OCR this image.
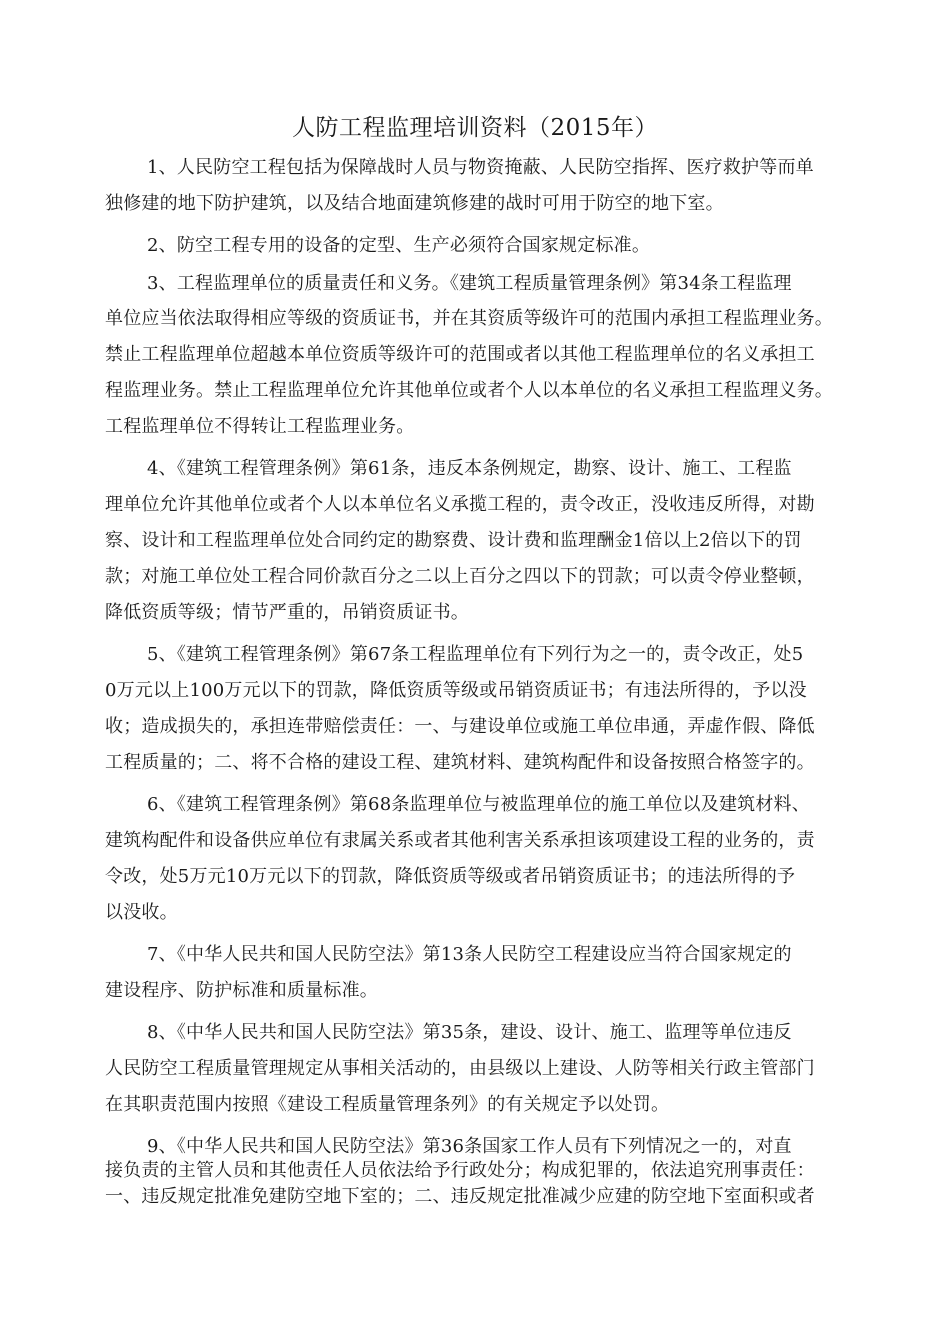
人防工程监理培训资料（2015年）
1、人民防空工程包括为保障战时人员与物资掩蔽、人民防空指挥、医疗救护等而单
独修建的地下防护建筑，以及结合地面建筑修建的战时可用于防空的地下室。
2、防空工程专用的设备的定型、生产必须符合国家规定标准。
3、工程监理单位的质量责任和义务。《建筑工程质量管理条例》第34条工程监理
单位应当依法取得相应等级的资质证书，并在其资质等级许可的范围内承担工程监理业务。
禁止工程监理单位超越本单位资质等级许可的范围或者以其他工程监理单位的名义承担工
程监理业务。禁止工程监理单位允许其他单位或者个人以本单位的名义承担工程监理义务。
工程监理单位不得转让工程监理业务。
4、《建筑工程管理条例》第61条，违反本条例规定，勘察、设计、施工、工程监
理单位允许其他单位或者个人以本单位名义承揽工程的，责令改正，没收违反所得，对勘
察、设计和工程监理单位处合同约定的勘察费、设计费和监理酬金1倍以上2倍以下的罚
款；对施工单位处工程合同价款百分之二以上百分之四以下的罚款；可以责令停业整顿，
降低资质等级；情节严重的，吊销资质证书。
5、《建筑工程管理条例》第67条工程监理单位有下列行为之一的，责令改正，处5
0万元以上100万元以下的罚款，降低资质等级或吊销资质证书；有违法所得的，予以没
收；造成损失的，承担连带赔偿责任：一、与建设单位或施工单位串通，弄虚作假、降低
工程质量的；二、将不合格的建设工程、建筑材料、建筑构配件和设备按照合格签字的。
6、《建筑工程管理条例》第68条监理单位与被监理单位的施工单位以及建筑材料、
建筑构配件和设备供应单位有隶属关系或者其他利害关系承担该项建设工程的业务的，责
令改，处5万元10万元以下的罚款，降低资质等级或者吊销资质证书；的违法所得的予
以没收。
7、《中华人民共和国人民防空法》第13条人民防空工程建设应当符合国家规定的
建设程序、防护标准和质量标准。
8、《中华人民共和国人民防空法》第35条，建设、设计、施工、监理等单位违反
人民防空工程质量管理规定从事相关活动的，由县级以上建设、人防等相关行政主管部门
在其职责范围内按照《建设工程质量管理条列》的有关规定予以处罚。
9、《中华人民共和国人民防空法》第36条国家工作人员有下列情况之一的，对直
接负责的主管人员和其他责任人员依法给予行政处分；构成犯罪的，依法追究刑事责任：
一、违反规定批准免建防空地下室的；二、违反规定批准减少应建的防空地下室面积或者
